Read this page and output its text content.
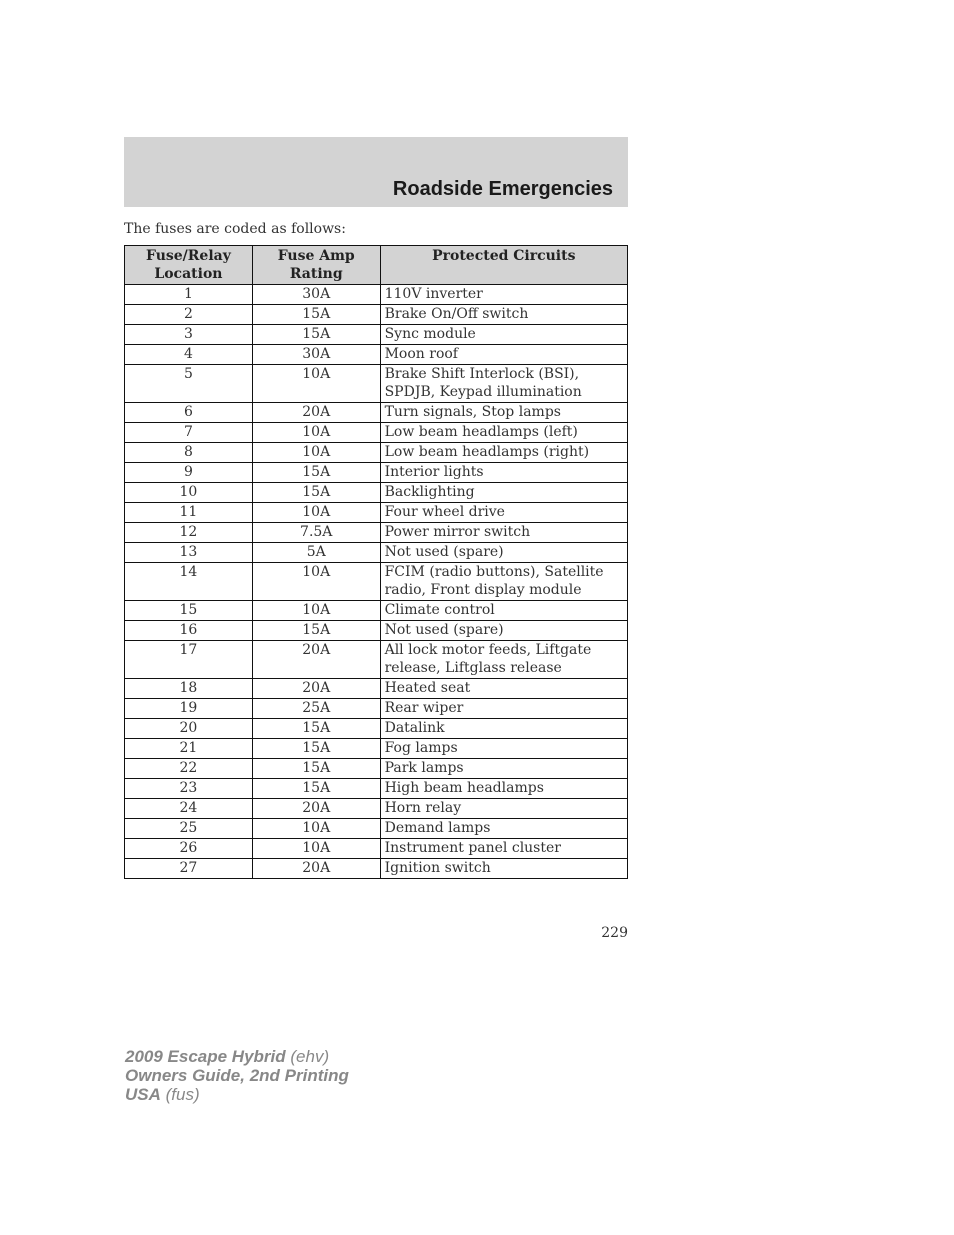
Roadside Emergencies
The fuses are coded as follows:
Fuse/Relay Location	Fuse Amp Rating	Protected Circuits
1	30A	110V inverter
2	15A	Brake On/Off switch
3	15A	Sync module
4	30A	Moon roof
5	10A	Brake Shift Interlock (BSI), SPDJB, Keypad illumination
6	20A	Turn signals, Stop lamps
7	10A	Low beam headlamps (left)
8	10A	Low beam headlamps (right)
9	15A	Interior lights
10	15A	Backlighting
11	10A	Four wheel drive
12	7.5A	Power mirror switch
13	5A	Not used (spare)
14	10A	FCIM (radio buttons), Satellite radio, Front display module
15	10A	Climate control
16	15A	Not used (spare)
17	20A	All lock motor feeds, Liftgate release, Liftglass release
18	20A	Heated seat
19	25A	Rear wiper
20	15A	Datalink
21	15A	Fog lamps
22	15A	Park lamps
23	15A	High beam headlamps
24	20A	Horn relay
25	10A	Demand lamps
26	10A	Instrument panel cluster
27	20A	Ignition switch
229
2009 Escape Hybrid (ehv)
Owners Guide, 2nd Printing
USA (fus)
